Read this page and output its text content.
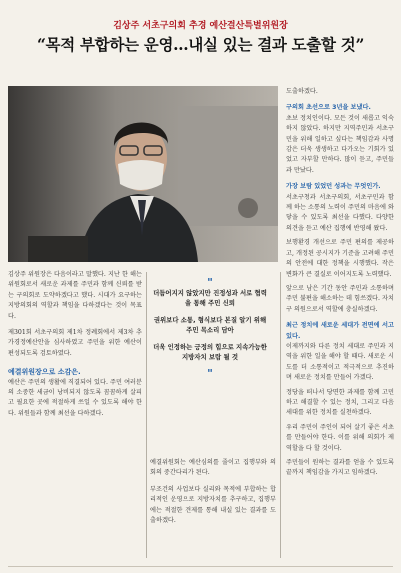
김상주 서초구의회 추경 예산결산특별위원장
“목적 부합하는 운영…내실 있는 결과 도출할 것”

도출하겠다.

구의회 초선으로 3년을 보냈다.

초보 정치인이다. 모든 것이 새롭고 익숙하지 않았다. 하지만 지역주민과 서초구민을 위해 일하고 싶다는 책임감과 사명감은 더욱 생생하고 다가오는 기회가 있었고 자부할 만하다. 많이 듣고, 주민들과 만났다.

가장 보람 있었던 성과는 무엇인가.

서초구청과 서초구의회, 서초구민과 함께 하는 소통의 노력이 주민의 마음에 와닿을 수 있도록 최선을 다했다. 다양한 의견을 듣고 예산 집행에 반영해 왔다.

보행환경 개선으로 주민 편의를 제공하고, 개정된 공시지가 기준을 고려해 주민의 안전에 대한 정책을 시행했다. 작은 변화가 큰 결실로 이어지도록 노력했다.

앞으로 남은 기간 동안 주민과 소통하며 주민 불편을 해소하는 데 힘쓰겠다. 자치구 의원으로서 역할에 충실하겠다.

최근 정치에 새로운 세대가 전면에 서고 있다.

이제까지와 다른 정치 세대로 주민과 지역을 위한 일을 해야 할 때다. 새로운 시도를 더 소통적이고 적극적으로 추진하며 새로운 정치를 만들어 가겠다.

정당을 떠나서 당면한 과제를 함께 고민하고 해결할 수 있는 정치, 그리고 다음 세대를 위한 정치를 실천하겠다.

우리 주민이 주인이 되어 살기 좋은 서초를 만들어야 한다. 이를 위해 의회가 제 역할을 다 할 것이다.

주민들이 원하는 결과를 얻을 수 있도록 끝까지 책임감을 가지고 임하겠다.

김상주 위원장은 다음이라고 말했다. 지난 한 해는 위원회로서 새로운 과제를 주민과 함께 신뢰를 받는 구의회로 도약하겠다고 했다. 시대가 요구하는 지방의회의 역할과 책임을 다하겠다는 것이 목표다.

제301회 서초구의회 제1차 정례회에서 제3차 추가경정예산안을 심사하였고 주민을 위한 예산이 편성되도록 검토하였다.

예결위원장으로 소감은.

예산은 주민의 생활에 직결되어 있다. 주민 여러분의 소중한 세금이 낭비되지 않도록 꼼꼼하게 살피고 필요한 곳에 적절하게 쓰일 수 있도록 해야 한다. 위원들과 함께 최선을 다하겠다.

"

더듬어지지 않았지만 진정성과 서로 협력을 통해 주민 신뢰

권위보다 소통, 형식보다 본질 알기 위해 주민 목소리 담아

더욱 인정하는 긍정의 힘으로 지속가능한 지방자치 보람 될 것

"

예결위원회는 예산심의를 줄이고 집행부와 의회의 중간다리가 된다.

부조건의 사업보다 실리와 목적에 부합하는 합리적인 운영으로 지방자치를 추구하고, 집행부에는 적절한 견제를 통해 내실 있는 결과를 도출하겠다.
